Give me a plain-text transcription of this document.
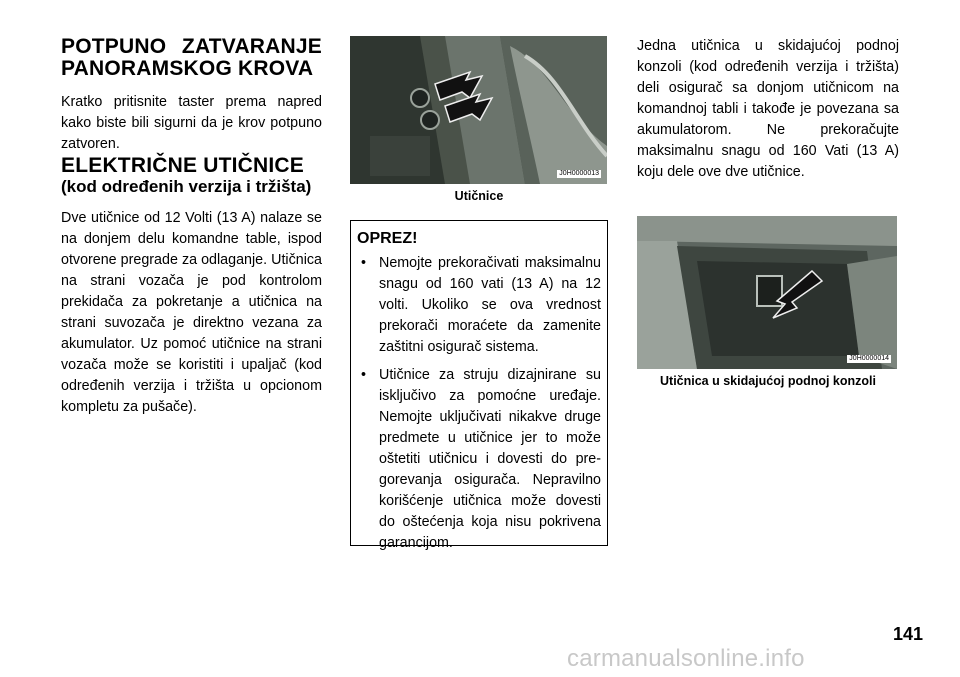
POTPUNO ZATVARANJE
PANORAMSKOG KROVA

Kratko pritisnite taster prema napred kako biste bili sigurni da je krov potpuno zatvoren.

ELEKTRIČNE UTIČNICE
(kod određenih verzija i tržišta)

Dve utičnice od 12 Volti (13 A) nalaze se na donjem delu komandne table, ispod otvorene pregrade za odlaganje. Utičnica na strani vozača je pod kontrolom prekidača za pokretanje a utičnica na strani suvozača je direktno vezana za akumulator. Uz pomoć utičnice na strani vozača može se koristiti i upaljač (kod određenih verzija i tržišta u opcionom kompletu za pušače).

J0H0000013

Utičnice

OPREZ!

• Nemojte prekoračivati maksimalnu snagu od 160 vati (13 A) na 12 volti. Ukoliko se ova vrednost prekorači moraćete da zamenite zaštitni osigurač sistema.
• Utičnice za struju dizajnirane su isključivo za pomoćne uređaje. Nemojte uključivati nikakve druge predmete u utičnice jer to može oštetiti utičnicu i dovesti do pregorevanja osigurača. Nepravilno korišćenje utičnica može dovesti do oštećenja koja nisu pokrivena garancijom.

Jedna utičnica u skidajućoj podnoj konzoli (kod određenih verzija i tržišta) deli osigurač sa donjom utičnicom na komandnoj tabli i takođe je povezana sa akumulatorom. Ne prekoračujte maksimalnu snagu od 160 Vati (13 A) koju dele ove dve utičnice.

J0H0000014

Utičnica u skidajućoj podnoj konzoli

141
carmanualsonline.info
